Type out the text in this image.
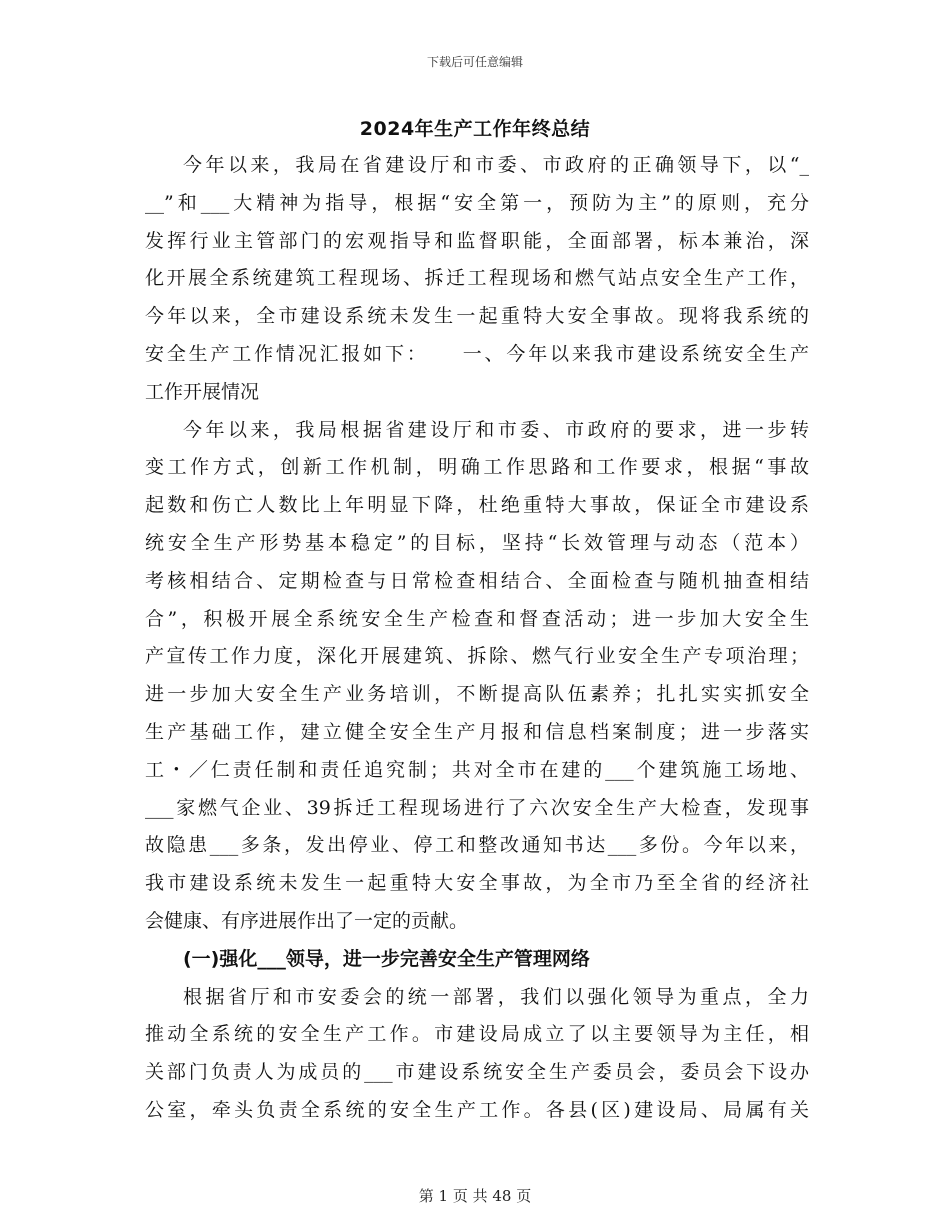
下载后可任意编辑
2024年生产工作年终总结
今年以来，我局在省建设厅和市委、市政府的正确领导下，以“_
__”和___大精神为指导，根据“安全第一，预防为主”的原则，充分
发挥行业主管部门的宏观指导和监督职能，全面部署，标本兼治，深
化开展全系统建筑工程现场、拆迁工程现场和燃气站点安全生产工作，
今年以来，全市建设系统未发生一起重特大安全事故。现将我系统的
安全生产工作情况汇报如下：　　一、今年以来我市建设系统安全生产
工作开展情况
今年以来，我局根据省建设厅和市委、市政府的要求，进一步转
变工作方式，创新工作机制，明确工作思路和工作要求，根据“事故
起数和伤亡人数比上年明显下降，杜绝重特大事故，保证全市建设系
统安全生产形势基本稳定”的目标，坚持“长效管理与动态（范本）
考核相结合、定期检查与日常检查相结合、全面检查与随机抽查相结
合”，积极开展全系统安全生产检查和督查活动；进一步加大安全生
产宣传工作力度，深化开展建筑、拆除、燃气行业安全生产专项治理；
进一步加大安全生产业务培训，不断提高队伍素养；扎扎实实抓安全
生产基础工作，建立健全安全生产月报和信息档案制度；进一步落实
工・／仁责任制和责任追究制；共对全市在建的___个建筑施工场地、
___家燃气企业、39拆迁工程现场进行了六次安全生产大检查，发现事
故隐患___多条，发出停业、停工和整改通知书达___多份。今年以来，
我市建设系统未发生一起重特大安全事故，为全市乃至全省的经济社
会健康、有序进展作出了一定的贡献。
(一)强化___领导，进一步完善安全生产管理网络
根据省厅和市安委会的统一部署，我们以强化领导为重点，全力
推动全系统的安全生产工作。市建设局成立了以主要领导为主任，相
关部门负责人为成员的___市建设系统安全生产委员会，委员会下设办
公室，牵头负责全系统的安全生产工作。各县(区)建设局、局属有关
第 1 页 共 48 页
